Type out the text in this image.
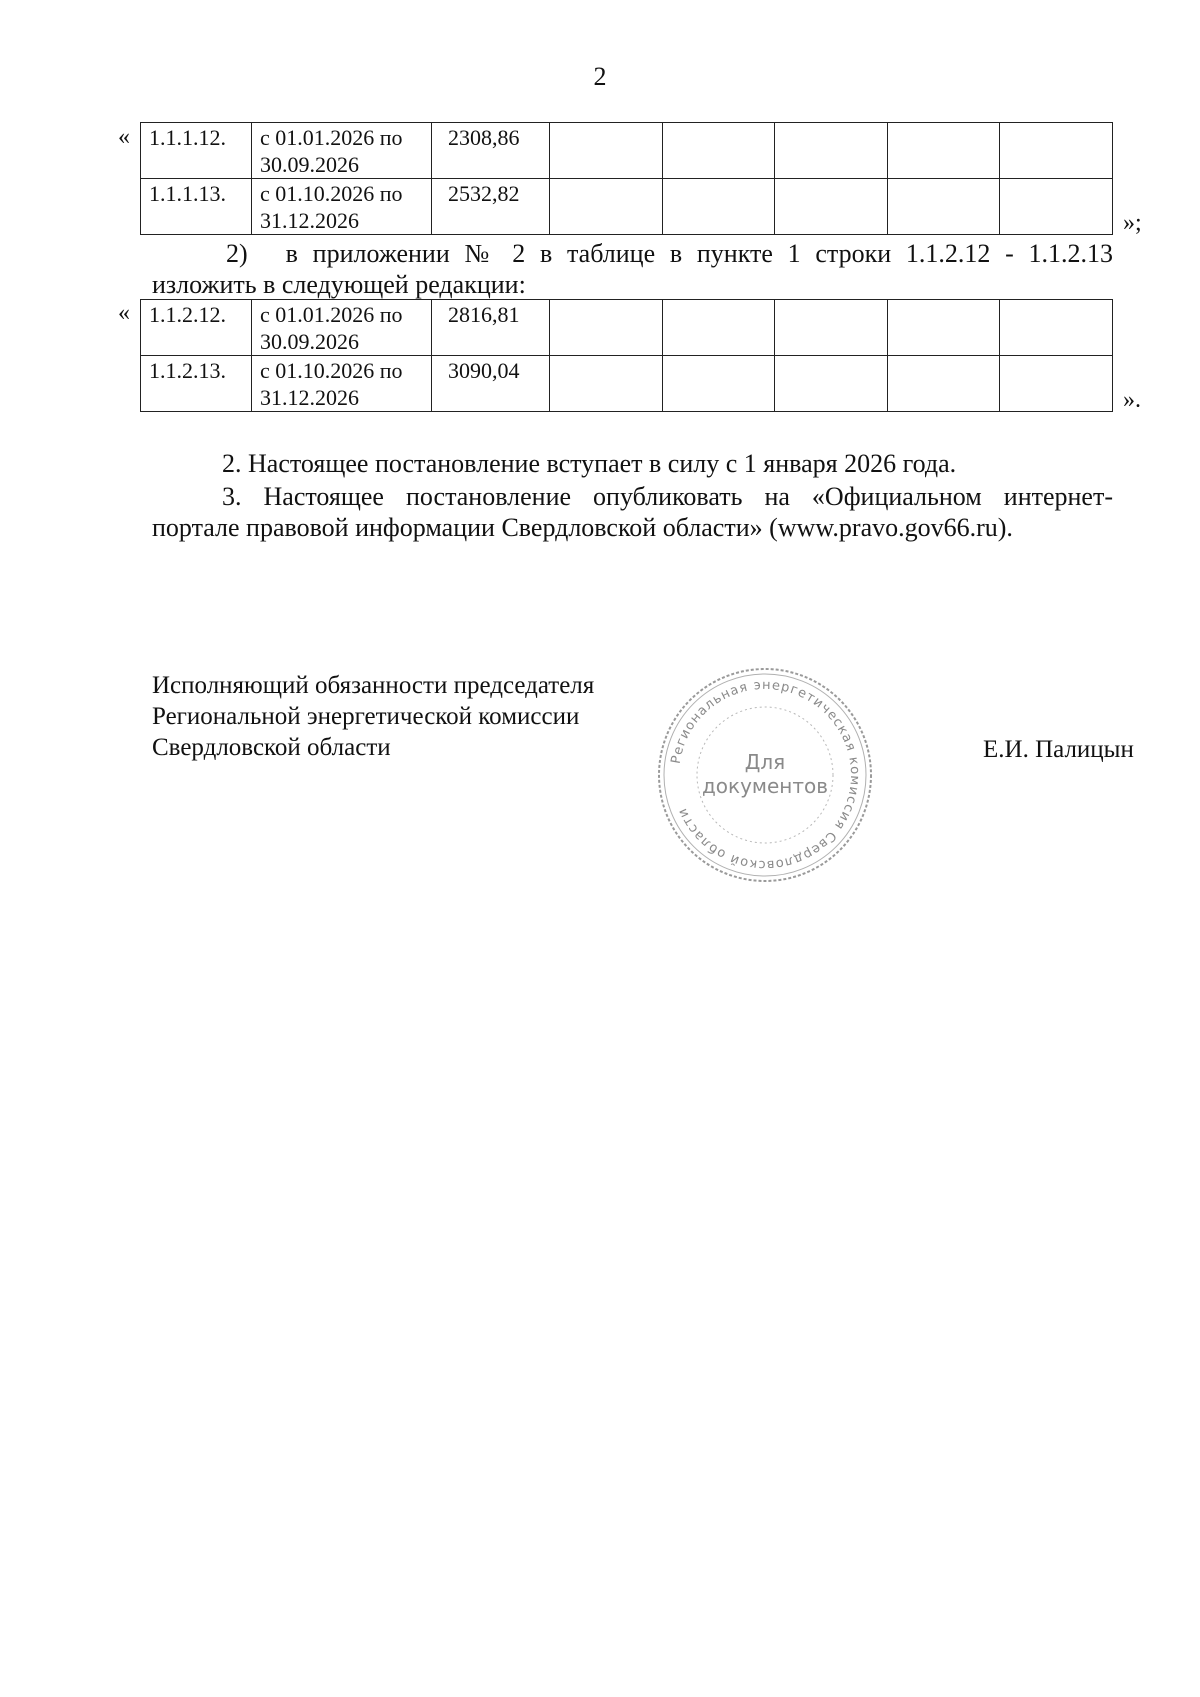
2
« 1.1.1.12.	с 01.01.2026 по
30.09.2026	2308,86					
1.1.1.13.	с 01.10.2026 по
31.12.2026	2532,82					
»;
2) в приложении № 2 в таблице в пункте 1 строки 1.1.2.12 - 1.1.2.13
изложить в следующей редакции:
« 1.1.2.12.	с 01.01.2026 по
30.09.2026	2816,81					
1.1.2.13.	с 01.10.2026 по
31.12.2026	3090,04					
».
2. Настоящее постановление вступает в силу с 1 января 2026 года.
3. Настоящее постановление опубликовать на «Официальном интернет-
портале правовой информации Свердловской области» (www.pravo.gov66.ru).
Исполняющий обязанности председателя
Региональной энергетической комиссии
Свердловской области	Региональная энергетическая комиссия Свердловской области
Для
документов
Е.И. Палицын
